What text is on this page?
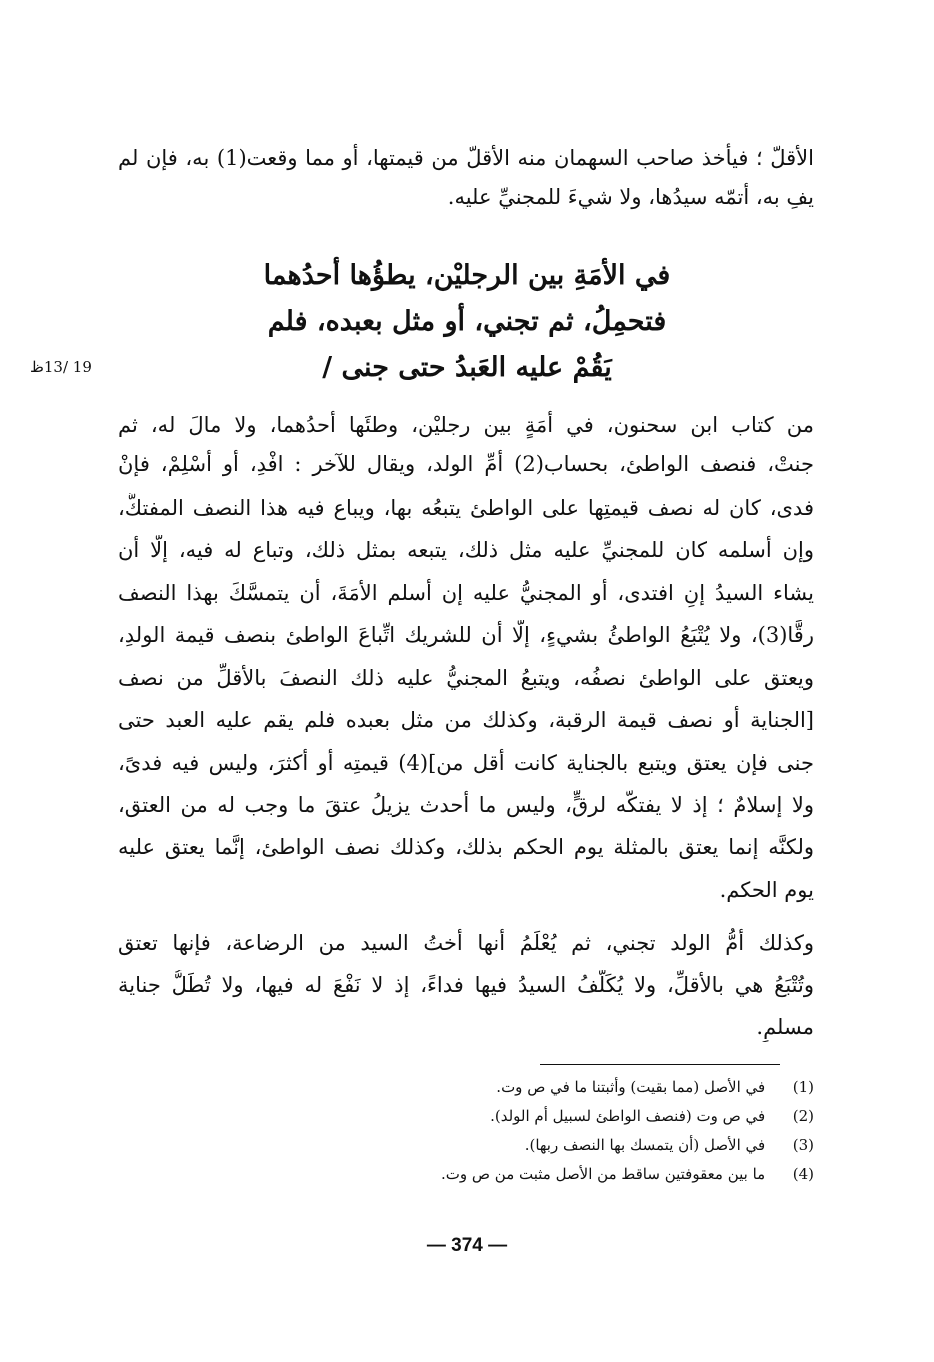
الأقلّ ؛ فيأخذ صاحب السهمان منه الأقلّ من قيمتها، أو مما وقعت(1) به، فإن لم
يفِ به، أتمّه سيدُها، ولا شيءَ للمجنيِّ عليه.
في الأمَةِ بين الرجليْن، يطؤُها أحدُهما
فتحمِلُ، ثم تجني، أو مثل بعبده، فلم
يَقُمْ عليه العَبدُ حتى جنى /
19 /13ظ
من كتاب ابن سحنون، في أمَةٍ بين رجليْن، وطئَها أحدُهما، ولا مالَ له، ثم
جنتْ، فنصف الواطئ، بحساب(2) أمِّ الولد، ويقال للآخر : افْدِ، أو أسْلِمْ، فإنْ
فدى، كان له نصف قيمتِها على الواطئ يتبعُه بها، ويباع فيه هذا النصف المفتكُّ،
وإن أسلمه كان للمجنيِّ عليه مثل ذلك، يتبعه بمثل ذلك، وتباع له فيه، إلَّا أن
يشاء السيدُ إنِ افتدى، أو المجنيُّ عليه إن أسلم الأمَةَ، أن يتمسَّكَ بهذا النصف
رقًّا(3)، ولا يُتْبَعُ الواطئُ بشيءٍ، إلّا أن للشريك اتِّباعَ الواطئ بنصف قيمة الولدِ،
ويعتق على الواطئ نصفُه، ويتبعُ المجنيُّ عليه ذلك النصفَ بالأقلِّ من نصف
[الجناية أو نصف قيمة الرقبة، وكذلك من مثل بعبده فلم يقم عليه العبد حتى
جنى فإن يعتق ويتبع بالجناية كانت أقل من](4) قيمتِه أو أكثرَ، وليس فيه فدىً،
ولا إسلامٌ ؛ إذ لا يفتكُّه لرقٍّ، وليس ما أحدث يزيلُ عتقَ ما وجب له من العتق،
ولكنَّه إنما يعتق بالمثلة يوم الحكم بذلك، وكذلك نصف الواطئ، إنَّما يعتق عليه
يوم الحكم.
وكذلك أمُّ الولد تجني، ثم يُعْلَمُ أنها أختُ السيد من الرضاعة، فإنها تعتق
وتُتْبَعُ هي بالأقلِّ، ولا يُكَلَّفُ السيدُ فيها فداءً، إذ لا نَفْعَ له فيها، ولا تُطَلُّ جناية
مسلمٍ.
(1) في الأصل (مما بقيت) وأثبتنا ما في ص وت.
(2) في ص وت (فنصف الواطئ لسبيل أم الولد).
(3) في الأصل (أن يتمسك بها النصف ربها).
(4) ما بين معقوفتين ساقط من الأصل مثبت من ص وت.
— 374 —
